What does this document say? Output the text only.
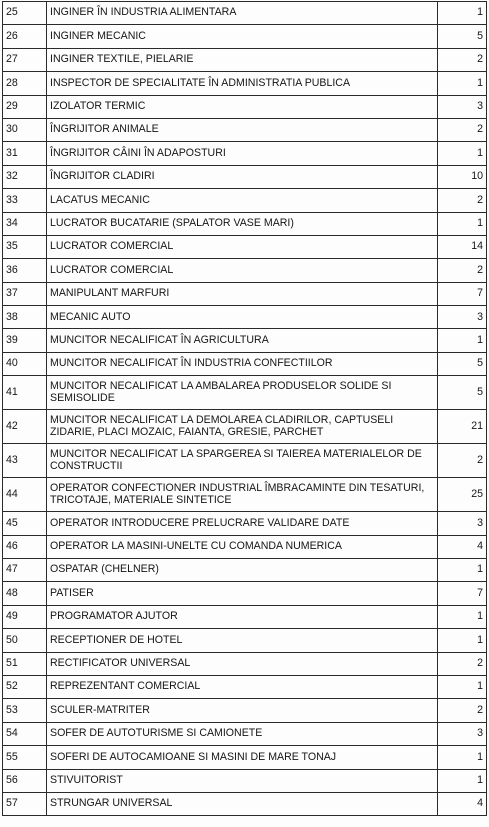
25	INGINER ÎN INDUSTRIA ALIMENTARA	1
26	INGINER MECANIC	5
27	INGINER TEXTILE, PIELARIE	2
28	INSPECTOR DE SPECIALITATE ÎN ADMINISTRATIA PUBLICA	1
29	IZOLATOR TERMIC	3
30	ÎNGRIJITOR ANIMALE	2
31	ÎNGRIJITOR CÂINI ÎN ADAPOSTURI	1
32	ÎNGRIJITOR CLADIRI	10
33	LACATUS MECANIC	2
34	LUCRATOR BUCATARIE (SPALATOR VASE MARI)	1
35	LUCRATOR COMERCIAL	14
36	LUCRATOR COMERCIAL	2
37	MANIPULANT MARFURI	7
38	MECANIC AUTO	3
39	MUNCITOR NECALIFICAT ÎN AGRICULTURA	1
40	MUNCITOR NECALIFICAT ÎN INDUSTRIA CONFECTIILOR	5
41	MUNCITOR NECALIFICAT LA AMBALAREA PRODUSELOR SOLIDE SI SEMISOLIDE	5
42	MUNCITOR NECALIFICAT LA DEMOLAREA CLADIRILOR, CAPTUSELI ZIDARIE, PLACI MOZAIC, FAIANTA, GRESIE, PARCHET	21
43	MUNCITOR NECALIFICAT LA SPARGEREA SI TAIEREA MATERIALELOR DE CONSTRUCTII	2
44	OPERATOR CONFECTIONER INDUSTRIAL ÎMBRACAMINTE DIN TESATURI, TRICOTAJE, MATERIALE SINTETICE	25
45	OPERATOR INTRODUCERE PRELUCRARE VALIDARE DATE	3
46	OPERATOR LA MASINI-UNELTE CU COMANDA NUMERICA	4
47	OSPATAR (CHELNER)	1
48	PATISER	7
49	PROGRAMATOR AJUTOR	1
50	RECEPTIONER DE HOTEL	1
51	RECTIFICATOR UNIVERSAL	2
52	REPREZENTANT COMERCIAL	1
53	SCULER-MATRITER	2
54	SOFER DE AUTOTURISME SI CAMIONETE	3
55	SOFERI DE AUTOCAMIOANE SI MASINI DE MARE TONAJ	1
56	STIVUITORIST	1
57	STRUNGAR UNIVERSAL	4
